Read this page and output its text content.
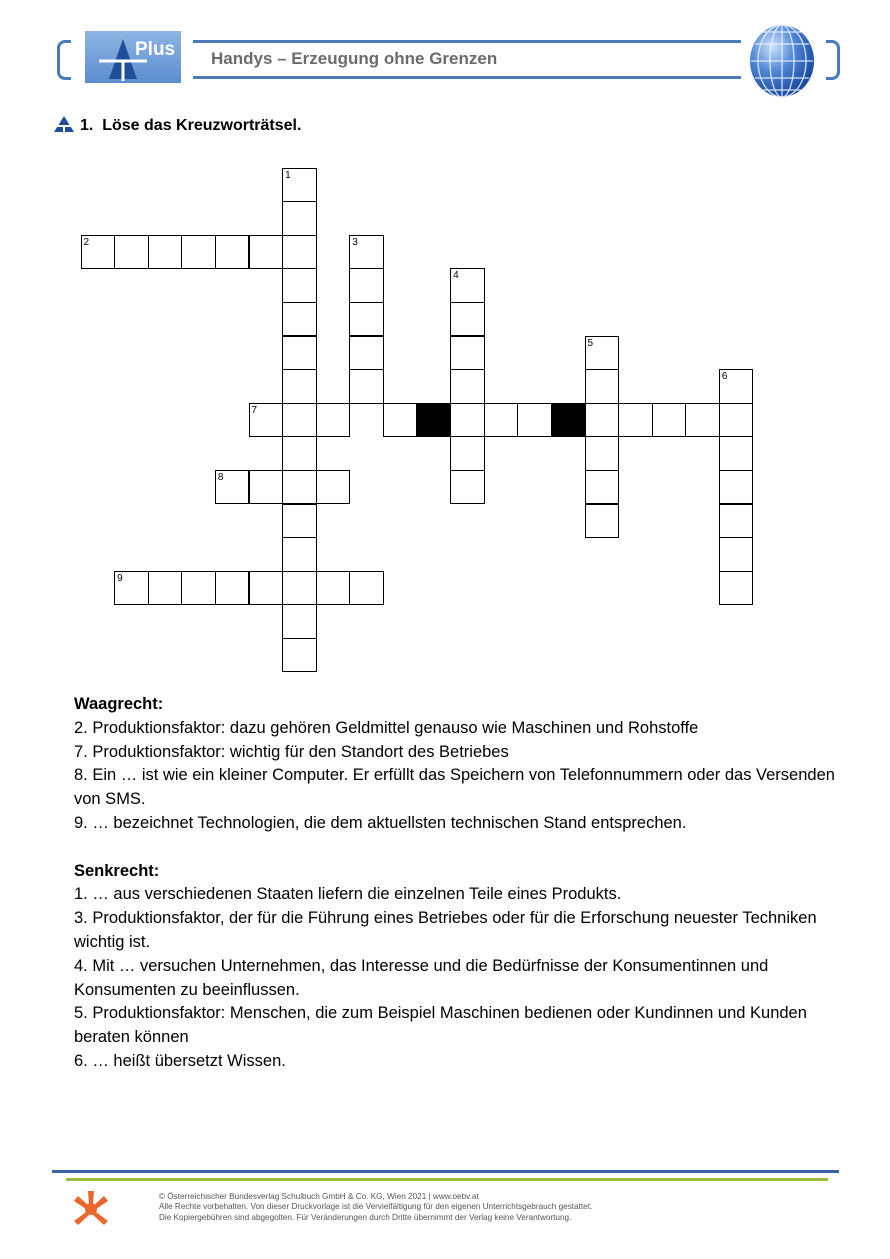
Plus Handys – Erzeugung ohne Grenzen
1. Löse das Kreuzworträtsel.
1
2	3
4
5
6
7
8
9

Waagrecht:

2. Produktionsfaktor: dazu gehören Geldmittel genauso wie Maschinen und Rohstoffe

7. Produktionsfaktor: wichtig für den Standort des Betriebes

8. Ein … ist wie ein kleiner Computer. Er erfüllt das Speichern von Telefonnummern oder das Versenden von SMS.

9. … bezeichnet Technologien, die dem aktuellsten technischen Stand entsprechen.

Senkrecht:

1. … aus verschiedenen Staaten liefern die einzelnen Teile eines Produkts.

3. Produktionsfaktor, der für die Führung eines Betriebes oder für die Erforschung neuester Techniken wichtig ist.

4. Mit … versuchen Unternehmen, das Interesse und die Bedürfnisse der Konsumentinnen und Konsumenten zu beeinflussen.

5. Produktionsfaktor: Menschen, die zum Beispiel Maschinen bedienen oder Kundinnen und Kunden beraten können

6. … heißt übersetzt Wissen.

© Österreichischer Bundesverlag Schulbuch GmbH & Co. KG, Wien 2021 | www.oebv.at
Alle Rechte vorbehalten. Von dieser Druckvorlage ist die Vervielfältigung für den eigenen Unterrichtsgebrauch gestattet.
Die Kopiergebühren sind abgegolten. Für Veränderungen durch Dritte übernimmt der Verlag keine Verantwortung.
